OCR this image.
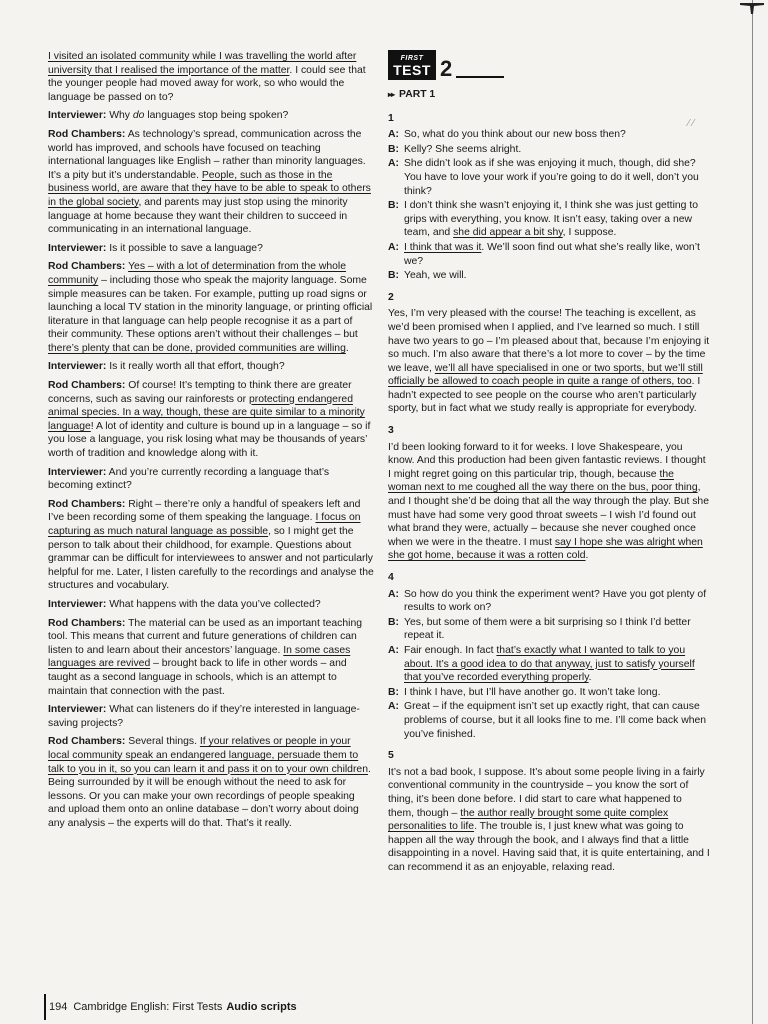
⁄ ⁄

I visited an isolated community while I was travelling the world after university that I realised the importance of the matter. I could see that the younger people had moved away for work, so who would the language be passed on to?

Interviewer: Why do languages stop being spoken?

Rod Chambers: As technology’s spread, communication across the world has improved, and schools have focused on teaching international languages like English – rather than minority languages. It’s a pity but it’s understandable. People, such as those in the business world, are aware that they have to be able to speak to others in the global society, and parents may just stop using the minority language at home because they want their children to succeed in communicating in an international language.

Interviewer: Is it possible to save a language?

Rod Chambers: Yes – with a lot of determination from the whole community – including those who speak the majority language. Some simple measures can be taken. For example, putting up road signs or launching a local TV station in the minority language, or printing official literature in that language can help people recognise it as a part of their community. These options aren’t without their challenges – but there’s plenty that can be done, provided communities are willing.

Interviewer: Is it really worth all that effort, though?

Rod Chambers: Of course! It’s tempting to think there are greater concerns, such as saving our rainforests or protecting endangered animal species. In a way, though, these are quite similar to a minority language! A lot of identity and culture is bound up in a language – so if you lose a language, you risk losing what may be thousands of years’ worth of tradition and knowledge along with it.

Interviewer: And you’re currently recording a language that’s becoming extinct?

Rod Chambers: Right – there’re only a handful of speakers left and I’ve been recording some of them speaking the language. I focus on capturing as much natural language as possible, so I might get the person to talk about their childhood, for example. Questions about grammar can be difficult for interviewees to answer and not particularly helpful for me. Later, I listen carefully to the recordings and analyse the structures and vocabulary.

Interviewer: What happens with the data you’ve collected?

Rod Chambers: The material can be used as an important teaching tool. This means that current and future generations of children can listen to and learn about their ancestors’ language. In some cases languages are revived – brought back to life in other words – and taught as a second language in schools, which is an attempt to maintain that connection with the past.

Interviewer: What can listeners do if they’re interested in language-saving projects?

Rod Chambers: Several things. If your relatives or people in your local community speak an endangered language, persuade them to talk to you in it, so you can learn it and pass it on to your own children. Being surrounded by it will be enough without the need to ask for lessons. Or you can make your own recordings of people speaking and upload them onto an online database – don’t worry about doing any analysis – the experts will do that. That’s it really.

FIRST
TEST 2
▸▸ PART 1
1
A: So, what do you think about our new boss then?
B: Kelly? She seems alright.
A: She didn’t look as if she was enjoying it much, though, did she? You have to love your work if you’re going to do it well, don’t you think?
B: I don’t think she wasn’t enjoying it, I think she was just getting to grips with everything, you know. It isn’t easy, taking over a new team, and she did appear a bit shy, I suppose.
A: I think that was it. We’ll soon find out what she’s really like, won’t we?
B: Yeah, we will.
2

Yes, I’m very pleased with the course! The teaching is excellent, as we’d been promised when I applied, and I’ve learned so much. I still have two years to go – I’m pleased about that, because I’m enjoying it so much. I’m also aware that there’s a lot more to cover – by the time we leave, we’ll all have specialised in one or two sports, but we’ll still officially be allowed to coach people in quite a range of others, too. I hadn’t expected to see people on the course who aren’t particularly sporty, but in fact what we study really is appropriate for everybody.

3

I’d been looking forward to it for weeks. I love Shakespeare, you know. And this production had been given fantastic reviews. I thought I might regret going on this particular trip, though, because the woman next to me coughed all the way there on the bus, poor thing, and I thought she’d be doing that all the way through the play. But she must have had some very good throat sweets – I wish I’d found out what brand they were, actually – because she never coughed once when we were in the theatre. I must say I hope she was alright when she got home, because it was a rotten cold.

4
A: So how do you think the experiment went? Have you got plenty of results to work on?
B: Yes, but some of them were a bit surprising so I think I’d better repeat it.
A: Fair enough. In fact that’s exactly what I wanted to talk to you about. It’s a good idea to do that anyway, just to satisfy yourself that you’ve recorded everything properly.
B: I think I have, but I’ll have another go. It won’t take long.
A: Great – if the equipment isn’t set up exactly right, that can cause problems of course, but it all looks fine to me. I’ll come back when you’ve finished.
5

It’s not a bad book, I suppose. It’s about some people living in a fairly conventional community in the countryside – you know the sort of thing, it’s been done before. I did start to care what happened to them, though – the author really brought some quite complex personalities to life. The trouble is, I just knew what was going to happen all the way through the book, and I always find that a little disappointing in a novel. Having said that, it is quite entertaining, and I can recommend it as an enjoyable, relaxing read.

194 Cambridge English: First Tests Audio scripts
